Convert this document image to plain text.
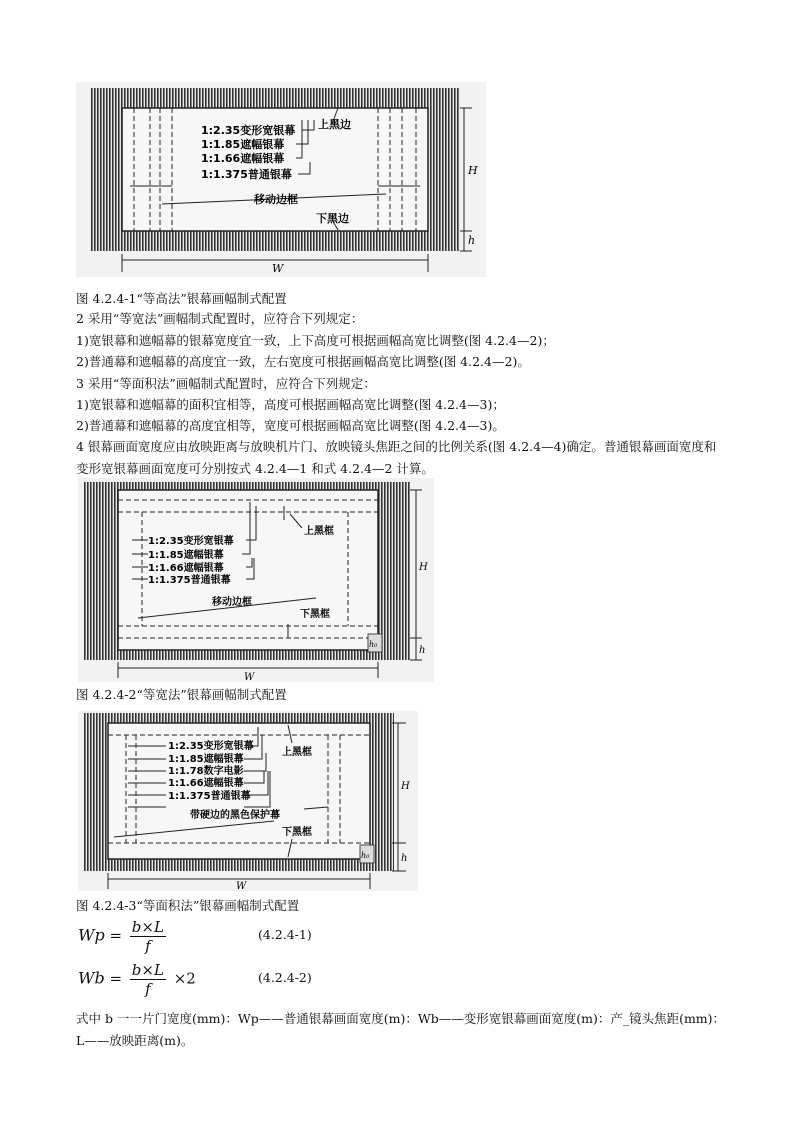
1:2.35变形宽银幕
1:1.85遮幅银幕
1:1.66遮幅银幕
1:1.375普通银幕
上黑边
移动边框
下黑边
H
h
W
图 4.2.4-1“等高法”银幕画幅制式配置
2 采用“等宽法”画幅制式配置时，应符合下列规定：
1)宽银幕和遮幅幕的银幕宽度宜一致，上下高度可根据画幅高宽比调整(图 4.2.4—2)；
2)普通幕和遮幅幕的高度宜一致，左右宽度可根据画幅高宽比调整(图 4.2.4—2)。
3 采用“等面积法”画幅制式配置时，应符合下列规定：
1)宽银幕和遮幅幕的面积宜相等，高度可根据画幅高宽比调整(图 4.2.4—3)；
2)普通幕和遮幅幕的高度宜相等，宽度可根据画幅高宽比调整(图 4.2.4—3)。
4 银幕画面宽度应由放映距离与放映机片门、放映镜头焦距之间的比例关系(图 4.2.4—4)确定。普通银幕画面宽度和变形宽银幕画面宽度可分别按式 4.2.4—1 和式 4.2.4—2 计算。
1:2.35变形宽银幕
1:1.85遮幅银幕
1:1.66遮幅银幕
1:1.375普通银幕
上黑框
移动边框
下黑框
h₀
H
h
W
图 4.2.4-2“等宽法”银幕画幅制式配置
1:2.35变形宽银幕
1:1.85遮幅银幕
1:1.78数字电影
1:1.66遮幅银幕
1:1.375普通银幕
上黑框
带硬边的黑色保护幕
下黑框
h₀
H
h
W
图 4.2.4-3“等面积法”银幕画幅制式配置
$Wp = \frac{b\times L}{f}$	(4.2.4-1)
$Wb = \frac{b\times L}{f} \times 2$	(4.2.4-2)
式中 b 一一片门宽度(mm)：Wp——普通银幕画面宽度(m)：Wb——变形宽银幕画面宽度(m)：产_镜头焦距(mm)：L——放映距离(m)。
